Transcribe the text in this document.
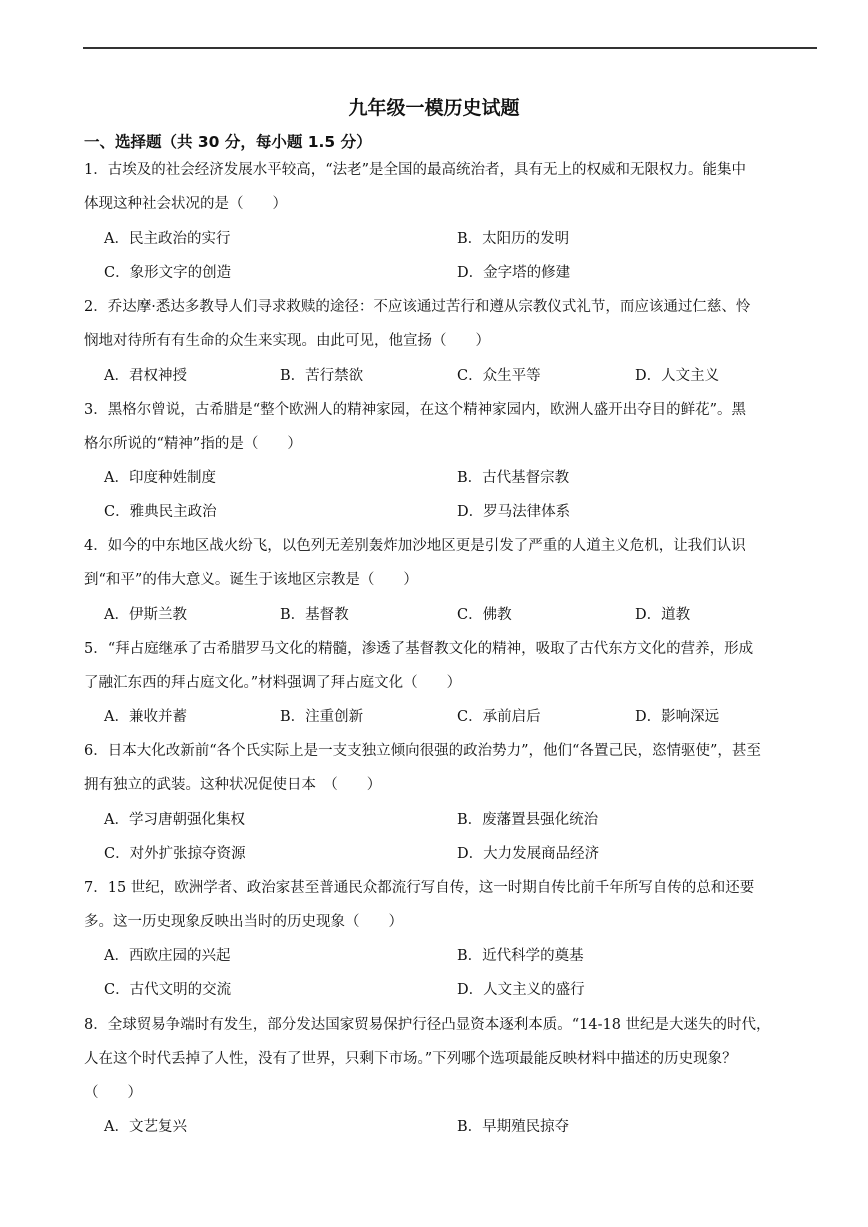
九年级一模历史试题
一、选择题（共 30 分，每小题 1.5 分）
1．古埃及的社会经济发展水平较高，“法老”是全国的最高统治者，具有无上的权威和无限权力。能集中
体现这种社会状况的是（　　）
A．民主政治的实行	B．太阳历的发明
C．象形文字的创造	D．金字塔的修建
2．乔达摩·悉达多教导人们寻求救赎的途径：不应该通过苦行和遵从宗教仪式礼节，而应该通过仁慈、怜
悯地对待所有有生命的众生来实现。由此可见，他宣扬（　　）
A．君权神授	B．苦行禁欲	C．众生平等	D．人文主义
3．黑格尔曾说，古希腊是“整个欧洲人的精神家园，在这个精神家园内，欧洲人盛开出夺目的鲜花”。黑
格尔所说的“精神”指的是（　　）
A．印度种姓制度	B．古代基督宗教
C．雅典民主政治	D．罗马法律体系
4．如今的中东地区战火纷飞，以色列无差别轰炸加沙地区更是引发了严重的人道主义危机，让我们认识
到“和平”的伟大意义。诞生于该地区宗教是（　　）
A．伊斯兰教	B．基督教	C．佛教	D．道教
5．“拜占庭继承了古希腊罗马文化的精髓，渗透了基督教文化的精神，吸取了古代东方文化的营养，形成
了融汇东西的拜占庭文化。”材料强调了拜占庭文化（　　）
A．兼收并蓄	B．注重创新	C．承前启后	D．影响深远
6．日本大化改新前“各个氏实际上是一支支独立倾向很强的政治势力”，他们“各置己民，恣情驱使”，甚至
拥有独立的武装。这种状况促使日本　（　　）
A．学习唐朝强化集权	B．废藩置县强化统治
C．对外扩张掠夺资源	D．大力发展商品经济
7．15 世纪，欧洲学者、政治家甚至普通民众都流行写自传，这一时期自传比前千年所写自传的总和还要
多。这一历史现象反映出当时的历史现象（　　）
A．西欧庄园的兴起	B．近代科学的奠基
C．古代文明的交流	D．人文主义的盛行
8．全球贸易争端时有发生，部分发达国家贸易保护行径凸显资本逐利本质。“14-18 世纪是大迷失的时代，
人在这个时代丢掉了人性，没有了世界，只剩下市场。”下列哪个选项最能反映材料中描述的历史现象？
（　　）
A．文艺复兴	B．早期殖民掠夺
